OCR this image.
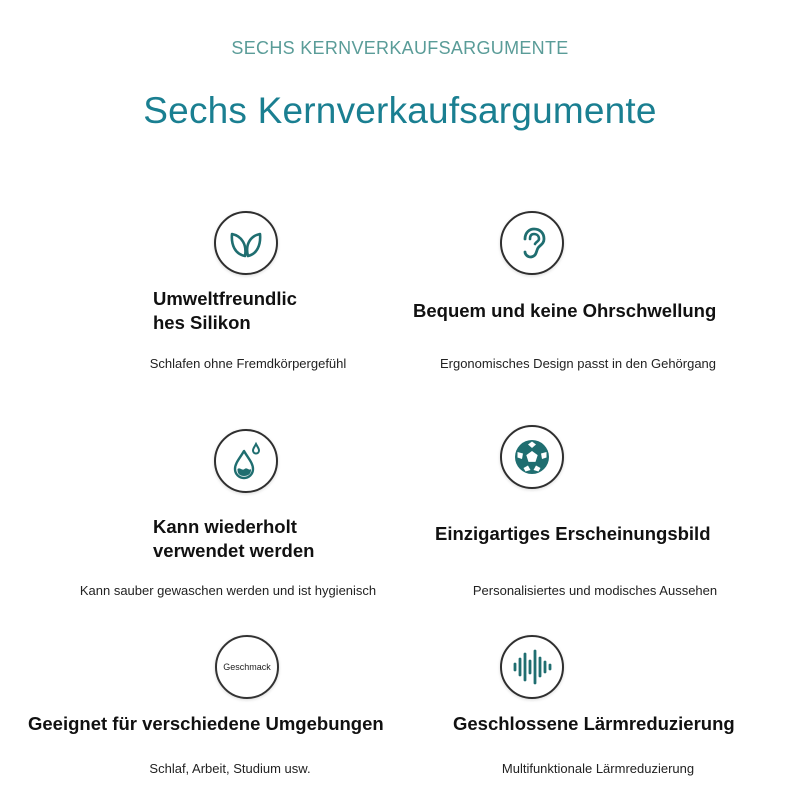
SECHS KERNVERKAUFSARGUMENTE
Sechs Kernverkaufsargumente
Umweltfreundlic
hes Silikon
Schlafen ohne Fremdkörpergefühl
Bequem und keine Ohrschwellung
Ergonomisches Design passt in den Gehörgang
Kann wiederholt
verwendet werden
Kann sauber gewaschen werden und ist hygienisch
Einzigartiges Erscheinungsbild
Personalisiertes und modisches Aussehen
Geschmack
Geeignet für verschiedene Umgebungen
Schlaf, Arbeit, Studium usw.
Geschlossene Lärmreduzierung
Multifunktionale Lärmreduzierung
